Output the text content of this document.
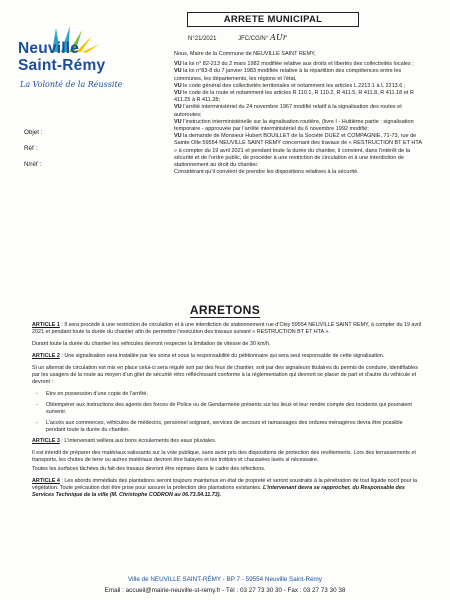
Neuville
Saint-Rémy
La Volonté de la Réussite
Objet :
Réf :
N/réf :
ARRETE MUNICIPAL
N°21/2021	JFC/CG/N° AUr

Nous, Maire de la Commune de NEUVILLE SAINT REMY,

VU la loi n° 82-213 du 2 mars 1982 modifiée relative aux droits et libertés des collectivités locales ;

VU la loi n°83-8 du 7 janvier 1983 modifiée relative à la répartition des compétences entre les communes, les départements, les régions et l’état,

VU le code général des collectivités territoriales et notamment les articles L 2213.1 à L 2213.6 ;

VU le code de la route et notamment les articles R 110.1, R 110.2, R 411.5, R 411.8, R 411.18 et R 411.25 à R 411.28;

VU l’arrêté interministériel du 24 novembre 1967 modifié relatif à la signalisation des routes et autoroutes;

VU l’instruction interministérielle sur la signalisation routière, (livre I - Huitième partie : signalisation temporaire - approuvée par l’arrêté interministériel du 6 novembre 1992 modifié;

VU la demande de Monsieur Hubert BOUILLET de la Société DUEZ et COMPAGNIE, 71-73, rue de Sainte Olle 59554 NEUVILLE SAINT REMY concernant des travaux de « RESTRUCTION BT ET HTA » à compter du 19 avril 2021 et pendant toute la durée du chantier, il convient, dans l’intérêt de la sécurité et de l’ordre public, de procéder à une restriction de circulation et à une interdiction de stationnement au droit du chantier.

Considérant qu’il convient de prendre les dispositions relatives à la sécurité.

ARRETONS

ARTICLE 1 : Il sera procédé à une restriction de circulation et à une interdiction de stationnement rue d’Oisy 59554 NEUVILLE SAINT REMY, à compter du 19 avril 2021 et pendant toute la durée du chantier afin de permettre l’exécution des travaux suivant « RESTRUCTION BT ET HTA ».

Durant toute la durée du chantier les véhicules devront respecter la limitation de vitesse de 30 km/h.

ARTICLE 2 : Une signalisation sera installée par les soins et sous la responsabilité du pétitionnaire qui sera seul responsable de cette signalisation.

Si un alternat de circulation est mis en place celui-ci sera régulé soit par des feux de chantier, soit par des signaleurs titulaires du permis de conduire, identifiables par les usagers de la route au moyen d’un gilet de sécurité rétro réfléchissant conforme à la réglementation qui devront se placer de part et d’autre du véhicule et devront :

- Etre en possession d’une copie de l’arrêté,
- Obtempérer aux instructions des agents des forces de Police ou de Gendarmerie présents sur les lieux et leur rendre compte des incidents qui pourraient survenir.
- L’accès aux commerces, véhicules de médecins, personnel soignant, services de secours et ramassages des ordures ménagères devra être possible pendant toute la durée du chantier.

ARTICLE 3 : L’intervenant veillera aux bons écoulements des eaux pluviales.

Il est interdit de préparer des matériaux salissants sur la voie publique, sans avoir pris des dispositions de protection des revêtements. Lors des terrassements et transports, les chutes de terre ou autres matériaux devront être balayés et les trottoirs et chaussées lavés si nécessaire.

Toutes les surfaces tâchées du fait des travaux devront être reprises dans le cadre des réfections.

ARTICLE 4 : Les abords immédiats des plantations seront toujours maintenus en état de propreté et seront soustraits à la pénétration de tout liquide nocif pour la végétation. Toute précaution doit être prise pour assurer la protection des plantations existantes. L’intervenant devra se rapprocher, du Responsable des Services Technique de la ville (M. Christophe CODRON au 06.73.54.11.73).

Ville de NEUVILLE SAINT-RÉMY - BP 7 - 59554 Neuville Saint-Rémy
Email : accueil@mairie-neuville-st-remy.fr - Tél : 03 27 73 30 30 - Fax : 03 27 73 30 38
